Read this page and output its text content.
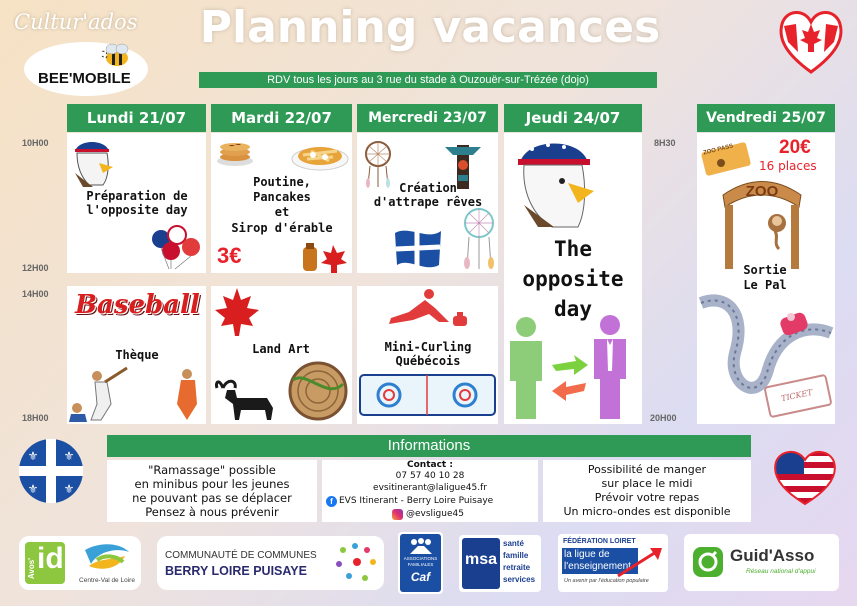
Cultur'ados
BEE'MOBILE
Planning vacances
RDV tous les jours au 3 rue du stade à Ouzouër-sur-Trézée (dojo)
10H00
12H00
14H00
18H00
8H30
20H00
Lundi 21/07
Préparation de l'opposite day
Baseball
Thèque
Mardi 22/07
Poutine,
Pancakes
et
Sirop d'érable
3€
Land Art
Mercredi 23/07
Création d'attrape rêves
Mini-Curling
Québécois
Jeudi 24/07
The
opposite
day
Vendredi 25/07
ZOO PASS 20€
16 places
ZOO
Sortie
Le Pal
TICKET
⚜ ⚜
⚜ ⚜
Informations
"Ramassage" possible
en minibus pour les jeunes
ne pouvant pas se déplacer
Pensez à nous prévenir
Contact :
07 57 40 10 28
evsitinerant@laligue45.fr
f EVS Itinerant - Berry Loire Puisaye
@evsligue45
Possibilité de manger
sur place le midi
Prévoir votre repas
Un micro-ondes est disponible
Avos' id
Centre-Val de Loire
COMMUNAUTÉ DE COMMUNES
BERRY LOIRE PUISAYE
ASSOCIATIONS
FAMILIALES
Caf
msa
santé
famille
retraite
services
FÉDÉRATION LOIRET
la ligue de
l'enseignement
Un avenir par l'éducation populaire
Guid'Asso
Réseau national d'appui
